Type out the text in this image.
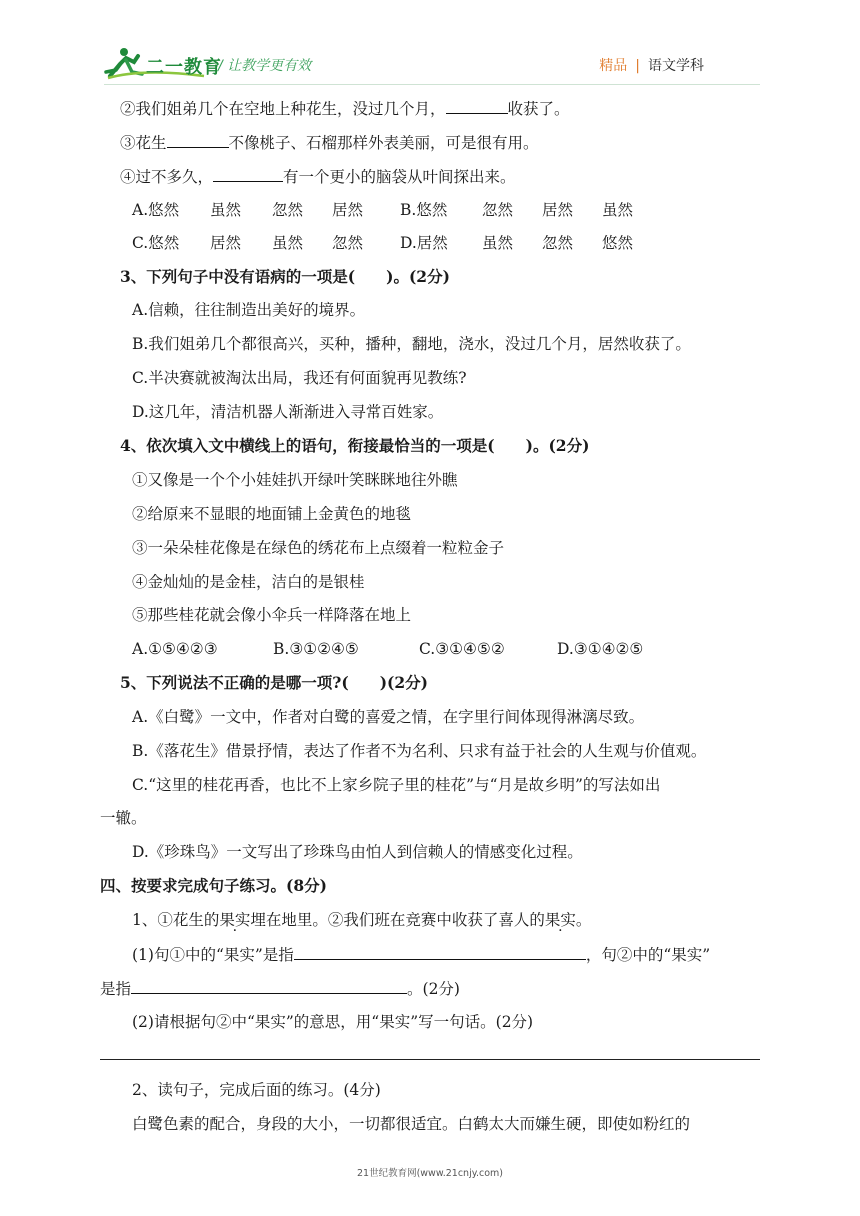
二一教育
/ 让教学更有效	精品 | 语文学科
②我们姐弟几个在空地上种花生，没过几个月，	收获了。
③花生	不像桃子、石榴那样外表美丽，可是很有用。
④过不多久，	有一个更小的脑袋从叶间探出来。
A.悠然 虽然 忽然 居然 B.悠然 忽然 居然 虽然
C.悠然 居然 虽然 忽然 D.居然 虽然 忽然 悠然
3、下列句子中没有语病的一项是(　　)。(2分)
A.信赖，往往制造出美好的境界。
B.我们姐弟几个都很高兴，买种，播种，翻地，浇水，没过几个月，居然收获了。
C.半决赛就被淘汰出局，我还有何面貌再见教练?
D.这几年，清洁机器人渐渐进入寻常百姓家。
4、依次填入文中横线上的语句，衔接最恰当的一项是(　　)。(2分)
①又像是一个个小娃娃扒开绿叶笑眯眯地往外瞧
②给原来不显眼的地面铺上金黄色的地毯
③一朵朵桂花像是在绿色的绣花布上点缀着一粒粒金子
④金灿灿的是金桂，洁白的是银桂
⑤那些桂花就会像小伞兵一样降落在地上
A.①⑤④②③	B.③①②④⑤	C.③①④⑤②	D.③①④②⑤
5、下列说法不正确的是哪一项?(　　)(2分)
A.《白鹭》一文中，作者对白鹭的喜爱之情，在字里行间体现得淋漓尽致。
B.《落花生》借景抒情，表达了作者不为名利、只求有益于社会的人生观与价值观。
C.“这里的桂花再香，也比不上家乡院子里的桂花”与“月是故乡明”的写法如出
一辙。
D.《珍珠鸟》一文写出了珍珠鸟由怕人到信赖人的情感变化过程。
四、按要求完成句子练习。(8分)
1、①花生的果实埋在地里。②我们班在竞赛中收获了喜人的果实。
(1)句①中的“果实”是指	，句②中的“果实”
是指	。(2分)
(2)请根据句②中“果实”的意思，用“果实”写一句话。(2分)
2、读句子，完成后面的练习。(4分)
白鹭色素的配合，身段的大小，一切都很适宜。白鹤太大而嫌生硬，即使如粉红的
21世纪教育网(www.21cnjy.com)
